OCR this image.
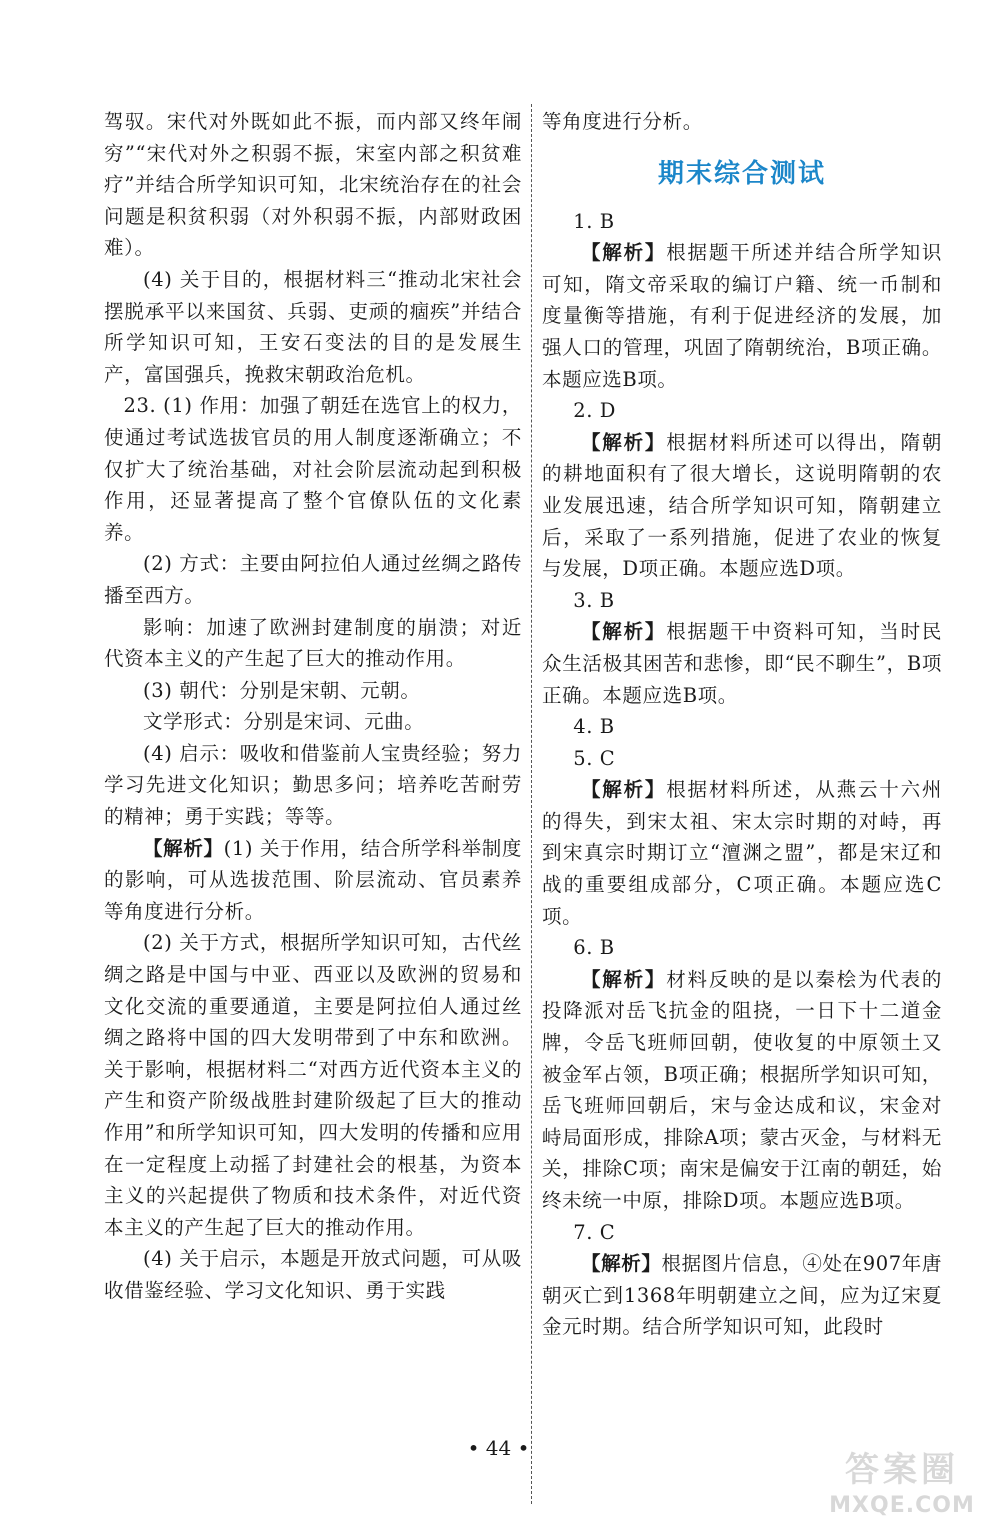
驾驭。宋代对外既如此不振，而内部又终年闹穷”“宋代对外之积弱不振，宋室内部之积贫难疗”并结合所学知识可知，北宋统治存在的社会问题是积贫积弱（对外积弱不振，内部财政困难）。

(4) 关于目的，根据材料三“推动北宋社会摆脱承平以来国贫、兵弱、吏顽的痼疾”并结合所学知识可知，王安石变法的目的是发展生产，富国强兵，挽救宋朝政治危机。

23. (1) 作用：加强了朝廷在选官上的权力，使通过考试选拔官员的用人制度逐渐确立；不仅扩大了统治基础，对社会阶层流动起到积极作用，还显著提高了整个官僚队伍的文化素养。

(2) 方式：主要由阿拉伯人通过丝绸之路传播至西方。

影响：加速了欧洲封建制度的崩溃；对近代资本主义的产生起了巨大的推动作用。

(3) 朝代：分别是宋朝、元朝。

文学形式：分别是宋词、元曲。

(4) 启示：吸收和借鉴前人宝贵经验；努力学习先进文化知识；勤思多问；培养吃苦耐劳的精神；勇于实践；等等。

【解析】(1) 关于作用，结合所学科举制度的影响，可从选拔范围、阶层流动、官员素养等角度进行分析。

(2) 关于方式，根据所学知识可知，古代丝绸之路是中国与中亚、西亚以及欧洲的贸易和文化交流的重要通道，主要是阿拉伯人通过丝绸之路将中国的四大发明带到了中东和欧洲。关于影响，根据材料二“对西方近代资本主义的产生和资产阶级战胜封建阶级起了巨大的推动作用”和所学知识可知，四大发明的传播和应用在一定程度上动摇了封建社会的根基，为资本主义的兴起提供了物质和技术条件，对近代资本主义的产生起了巨大的推动作用。

(4) 关于启示，本题是开放式问题，可从吸收借鉴经验、学习文化知识、勇于实践

等角度进行分析。

期末综合测试

1. B

【解析】根据题干所述并结合所学知识可知，隋文帝采取的编订户籍、统一币制和度量衡等措施，有利于促进经济的发展，加强人口的管理，巩固了隋朝统治，B项正确。本题应选B项。

2. D

【解析】根据材料所述可以得出，隋朝的耕地面积有了很大增长，这说明隋朝的农业发展迅速，结合所学知识可知，隋朝建立后，采取了一系列措施，促进了农业的恢复与发展，D项正确。本题应选D项。

3. B

【解析】根据题干中资料可知，当时民众生活极其困苦和悲惨，即“民不聊生”，B项正确。本题应选B项。

4. B

5. C

【解析】根据材料所述，从燕云十六州的得失，到宋太祖、宋太宗时期的对峙，再到宋真宗时期订立“澶渊之盟”，都是宋辽和战的重要组成部分，C项正确。本题应选C项。

6. B

【解析】材料反映的是以秦桧为代表的投降派对岳飞抗金的阻挠，一日下十二道金牌，令岳飞班师回朝，使收复的中原领土又被金军占领，B项正确；根据所学知识可知，岳飞班师回朝后，宋与金达成和议，宋金对峙局面形成，排除A项；蒙古灭金，与材料无关，排除C项；南宋是偏安于江南的朝廷，始终未统一中原，排除D项。本题应选B项。

7. C

【解析】根据图片信息，④处在907年唐朝灭亡到1368年明朝建立之间，应为辽宋夏金元时期。结合所学知识可知，此段时

• 44 •
答案圈
MXQE.COM
